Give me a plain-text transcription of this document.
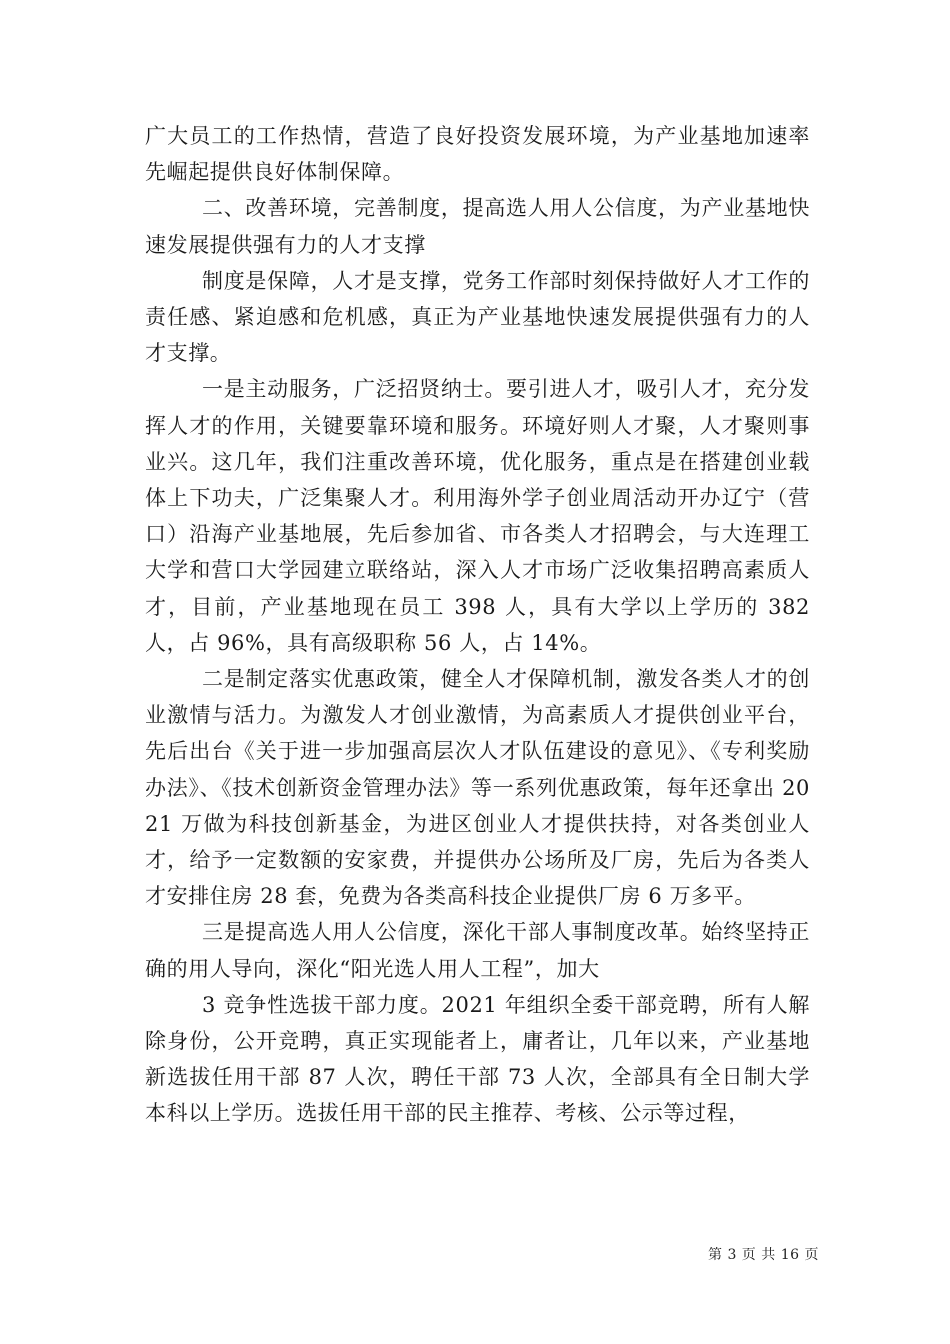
广大员工的工作热情，营造了良好投资发展环境，为产业基地加速率先崛起提供良好体制保障。

二、改善环境，完善制度，提高选人用人公信度，为产业基地快速发展提供强有力的人才支撑

制度是保障，人才是支撑，党务工作部时刻保持做好人才工作的责任感、紧迫感和危机感，真正为产业基地快速发展提供强有力的人才支撑。

一是主动服务，广泛招贤纳士。要引进人才，吸引人才，充分发挥人才的作用，关键要靠环境和服务。环境好则人才聚，人才聚则事业兴。这几年，我们注重改善环境，优化服务，重点是在搭建创业载体上下功夫，广泛集聚人才。利用海外学子创业周活动开办辽宁（营口）沿海产业基地展，先后参加省、市各类人才招聘会，与大连理工大学和营口大学园建立联络站，深入人才市场广泛收集招聘高素质人才，目前，产业基地现在员工 398 人，具有大学以上学历的 382 人，占 96%，具有高级职称 56 人，占 14%。

二是制定落实优惠政策，健全人才保障机制，激发各类人才的创业激情与活力。为激发人才创业激情，为高素质人才提供创业平台，先后出台《关于进一步加强高层次人才队伍建设的意见》、《专利奖励办法》、《技术创新资金管理办法》等一系列优惠政策，每年还拿出 2021 万做为科技创新基金，为进区创业人才提供扶持，对各类创业人才，给予一定数额的安家费，并提供办公场所及厂房，先后为各类人才安排住房 28 套，免费为各类高科技企业提供厂房 6 万多平。

三是提高选人用人公信度，深化干部人事制度改革。始终坚持正确的用人导向，深化“阳光选人用人工程”，加大

3 竞争性选拔干部力度。2021 年组织全委干部竞聘，所有人解除身份，公开竞聘，真正实现能者上，庸者让，几年以来，产业基地新选拔任用干部 87 人次，聘任干部 73 人次，全部具有全日制大学本科以上学历。选拔任用干部的民主推荐、考核、公示等过程，

第 3 页 共 16 页
